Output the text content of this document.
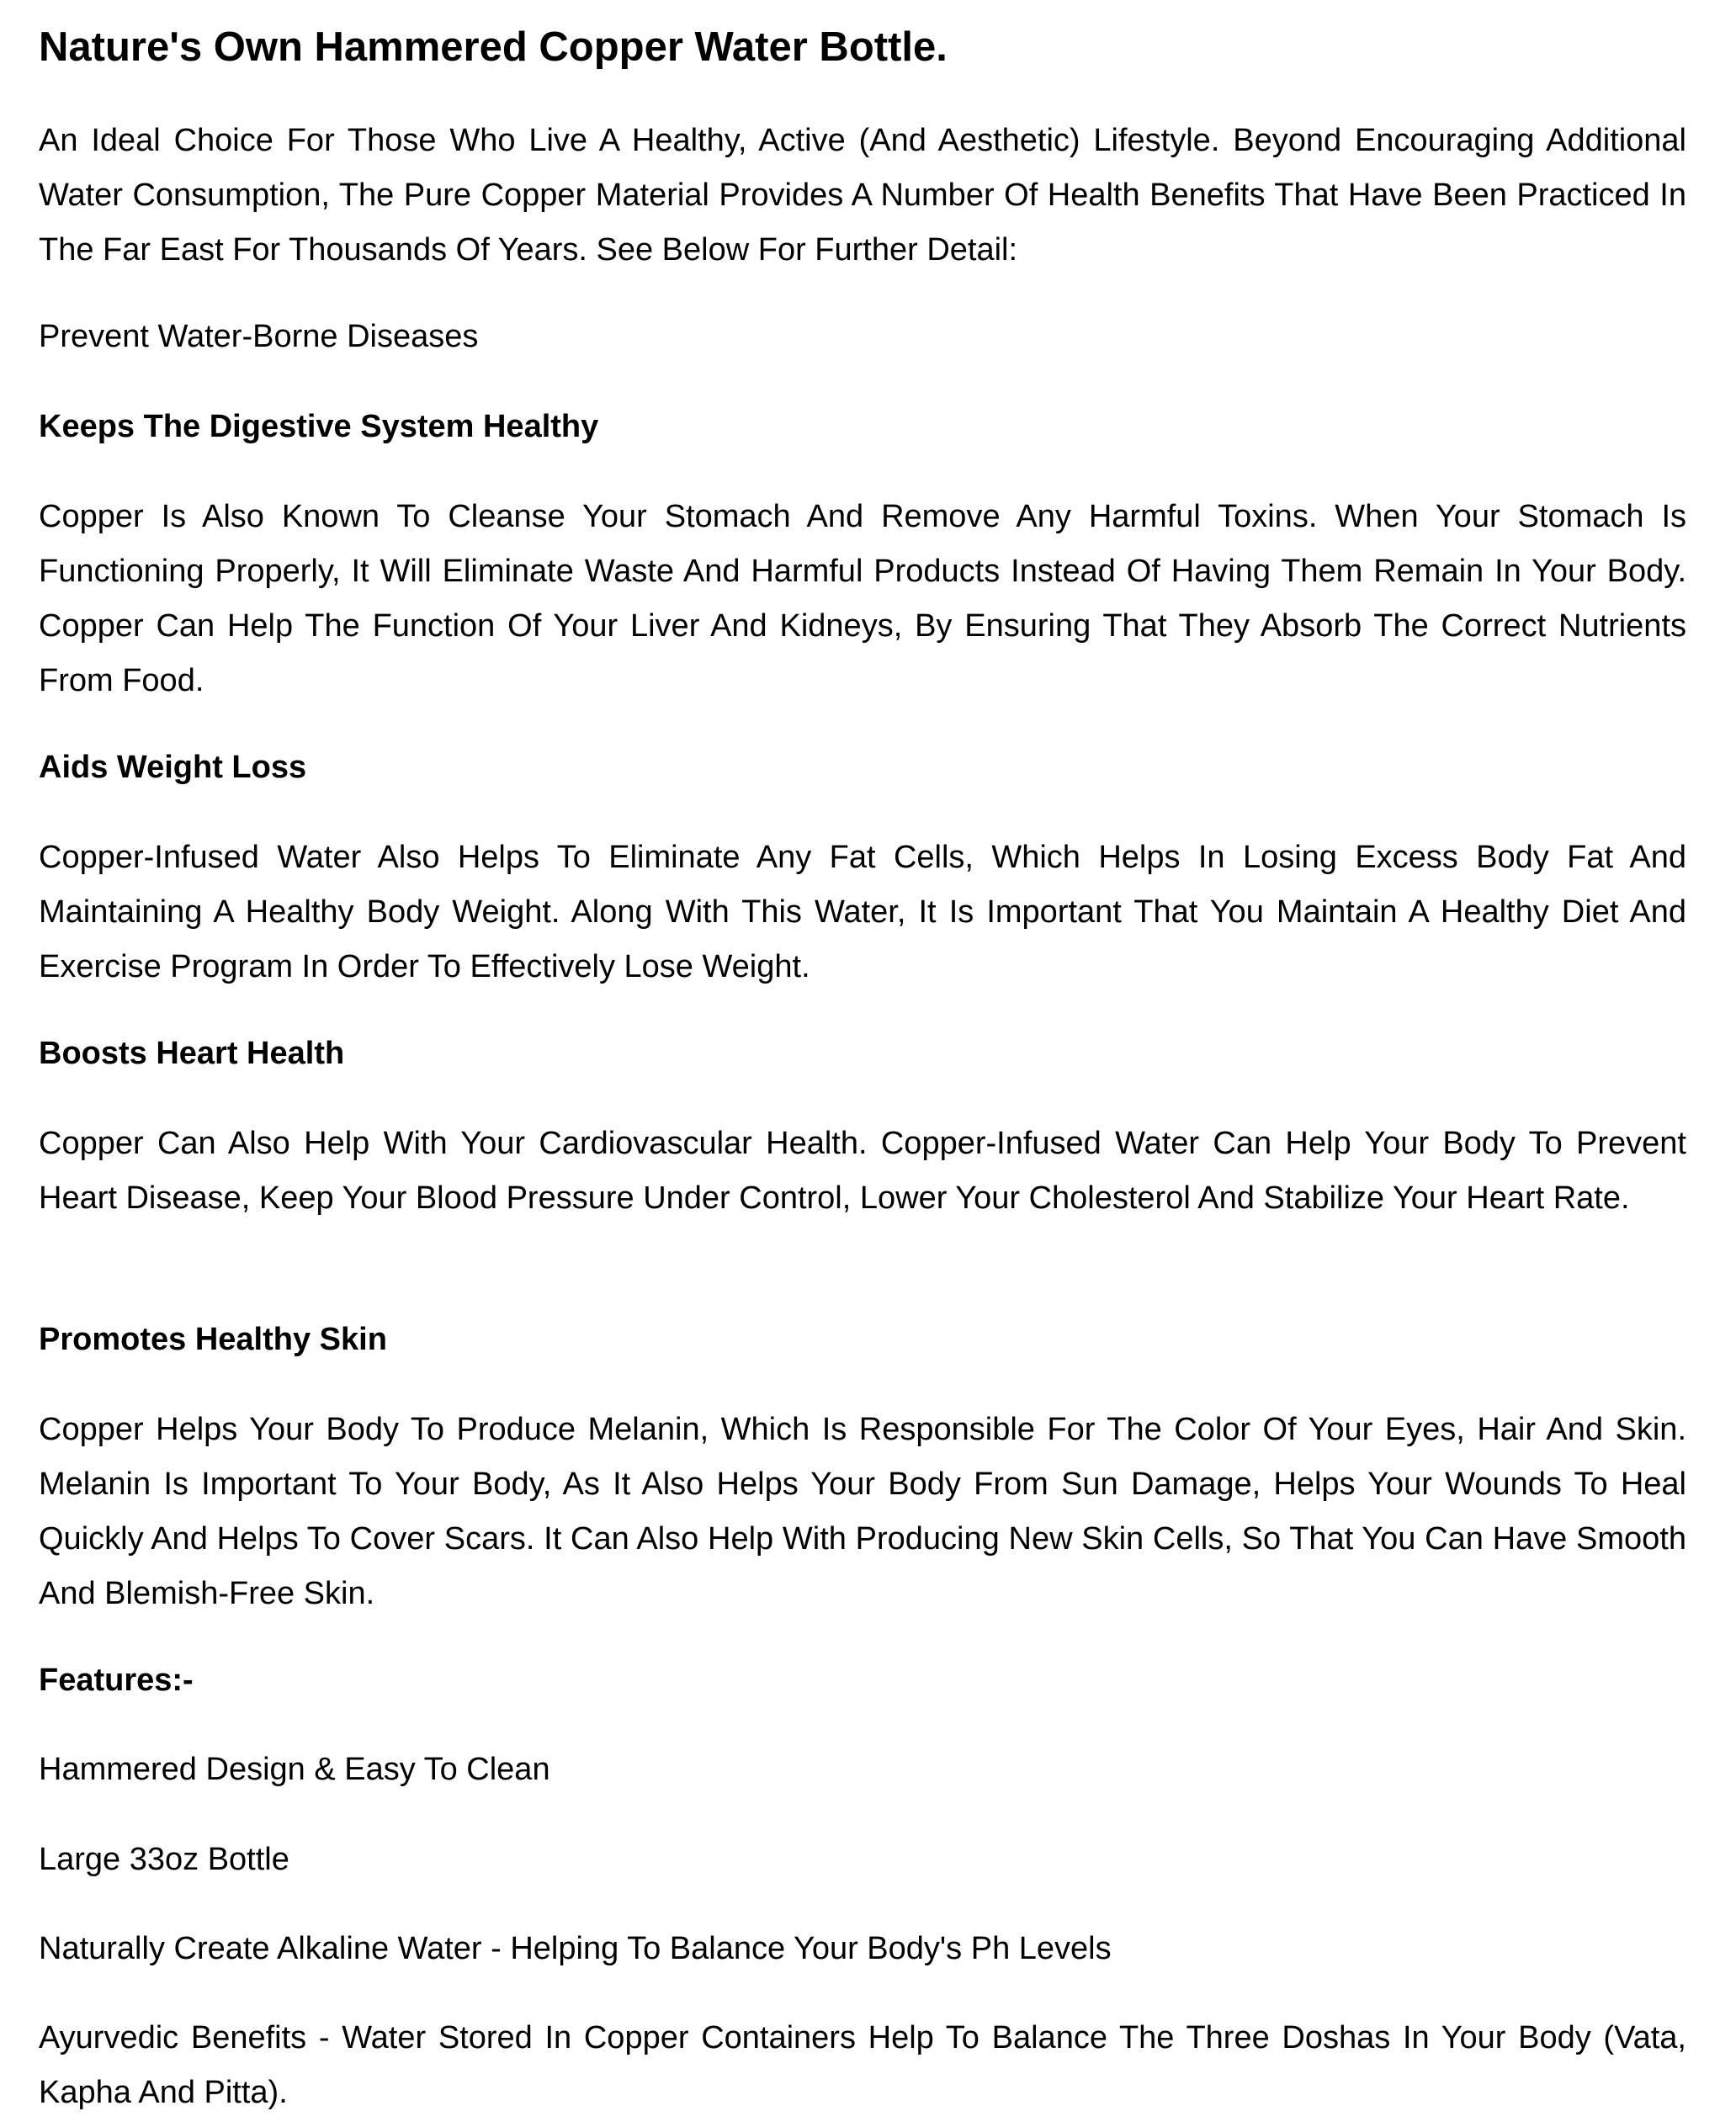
Nature's Own Hammered Copper Water Bottle.

An Ideal Choice For Those Who Live A Healthy, Active (And Aesthetic) Lifestyle. Beyond Encouraging Additional Water Consumption, The Pure Copper Material Provides A Number Of Health Benefits That Have Been Practiced In The Far East For Thousands Of Years. See Below For Further Detail:

Prevent Water-Borne Diseases

Keeps The Digestive System Healthy

Copper Is Also Known To Cleanse Your Stomach And Remove Any Harmful Toxins. When Your Stomach Is Functioning Properly, It Will Eliminate Waste And Harmful Products Instead Of Having Them Remain In Your Body. Copper Can Help The Function Of Your Liver And Kidneys, By Ensuring That They Absorb The Correct Nutrients From Food.

Aids Weight Loss

Copper-Infused Water Also Helps To Eliminate Any Fat Cells, Which Helps In Losing Excess Body Fat And Maintaining A Healthy Body Weight. Along With This Water, It Is Important That You Maintain A Healthy Diet And Exercise Program In Order To Effectively Lose Weight.

Boosts Heart Health

Copper Can Also Help With Your Cardiovascular Health. Copper-Infused Water Can Help Your Body To Prevent Heart Disease, Keep Your Blood Pressure Under Control, Lower Your Cholesterol And Stabilize Your Heart Rate.

Promotes Healthy Skin

Copper Helps Your Body To Produce Melanin, Which Is Responsible For The Color Of Your Eyes, Hair And Skin. Melanin Is Important To Your Body, As It Also Helps Your Body From Sun Damage, Helps Your Wounds To Heal Quickly And Helps To Cover Scars. It Can Also Help With Producing New Skin Cells, So That You Can Have Smooth And Blemish-Free Skin.

Features:-

Hammered Design & Easy To Clean

Large 33oz Bottle

Naturally Create Alkaline Water - Helping To Balance Your Body's Ph Levels

Ayurvedic Benefits - Water Stored In Copper Containers Help To Balance The Three Doshas In Your Body (Vata, Kapha And Pitta).
